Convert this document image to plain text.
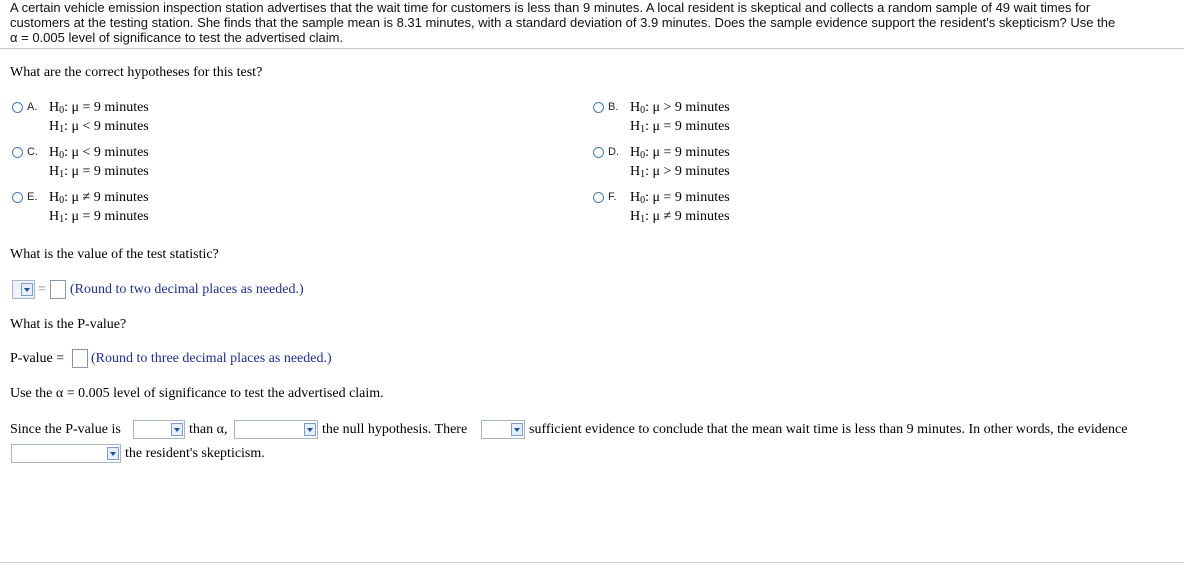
A certain vehicle emission inspection station advertises that the wait time for customers is less than 9 minutes. A local resident is skeptical and collects a random sample of 49 wait times for
customers at the testing station. She finds that the sample mean is 8.31 minutes, with a standard deviation of 3.9 minutes. Does the sample evidence support the resident's skepticism? Use the
α = 0.005 level of significance to test the advertised claim.
What are the correct hypotheses for this test?
A. $H_0$: μ = 9 minutes
$H_1$: μ < 9 minutes
B. $H_0$: μ > 9 minutes
$H_1$: μ = 9 minutes
C. $H_0$: μ < 9 minutes
$H_1$: μ = 9 minutes
D. $H_0$: μ = 9 minutes
$H_1$: μ > 9 minutes
E. $H_0$: μ ≠ 9 minutes
$H_1$: μ = 9 minutes
F. $H_0$: μ = 9 minutes
$H_1$: μ ≠ 9 minutes
What is the value of the test statistic?
= (Round to two decimal places as needed.)
What is the P-value?
P-value = (Round to three decimal places as needed.)
Use the α = 0.005 level of significance to test the advertised claim.
Since the P-value is	than α,	the null hypothesis. There	sufficient evidence to conclude that the mean wait time is less than 9 minutes. In other words, the evidence
the resident's skepticism.
